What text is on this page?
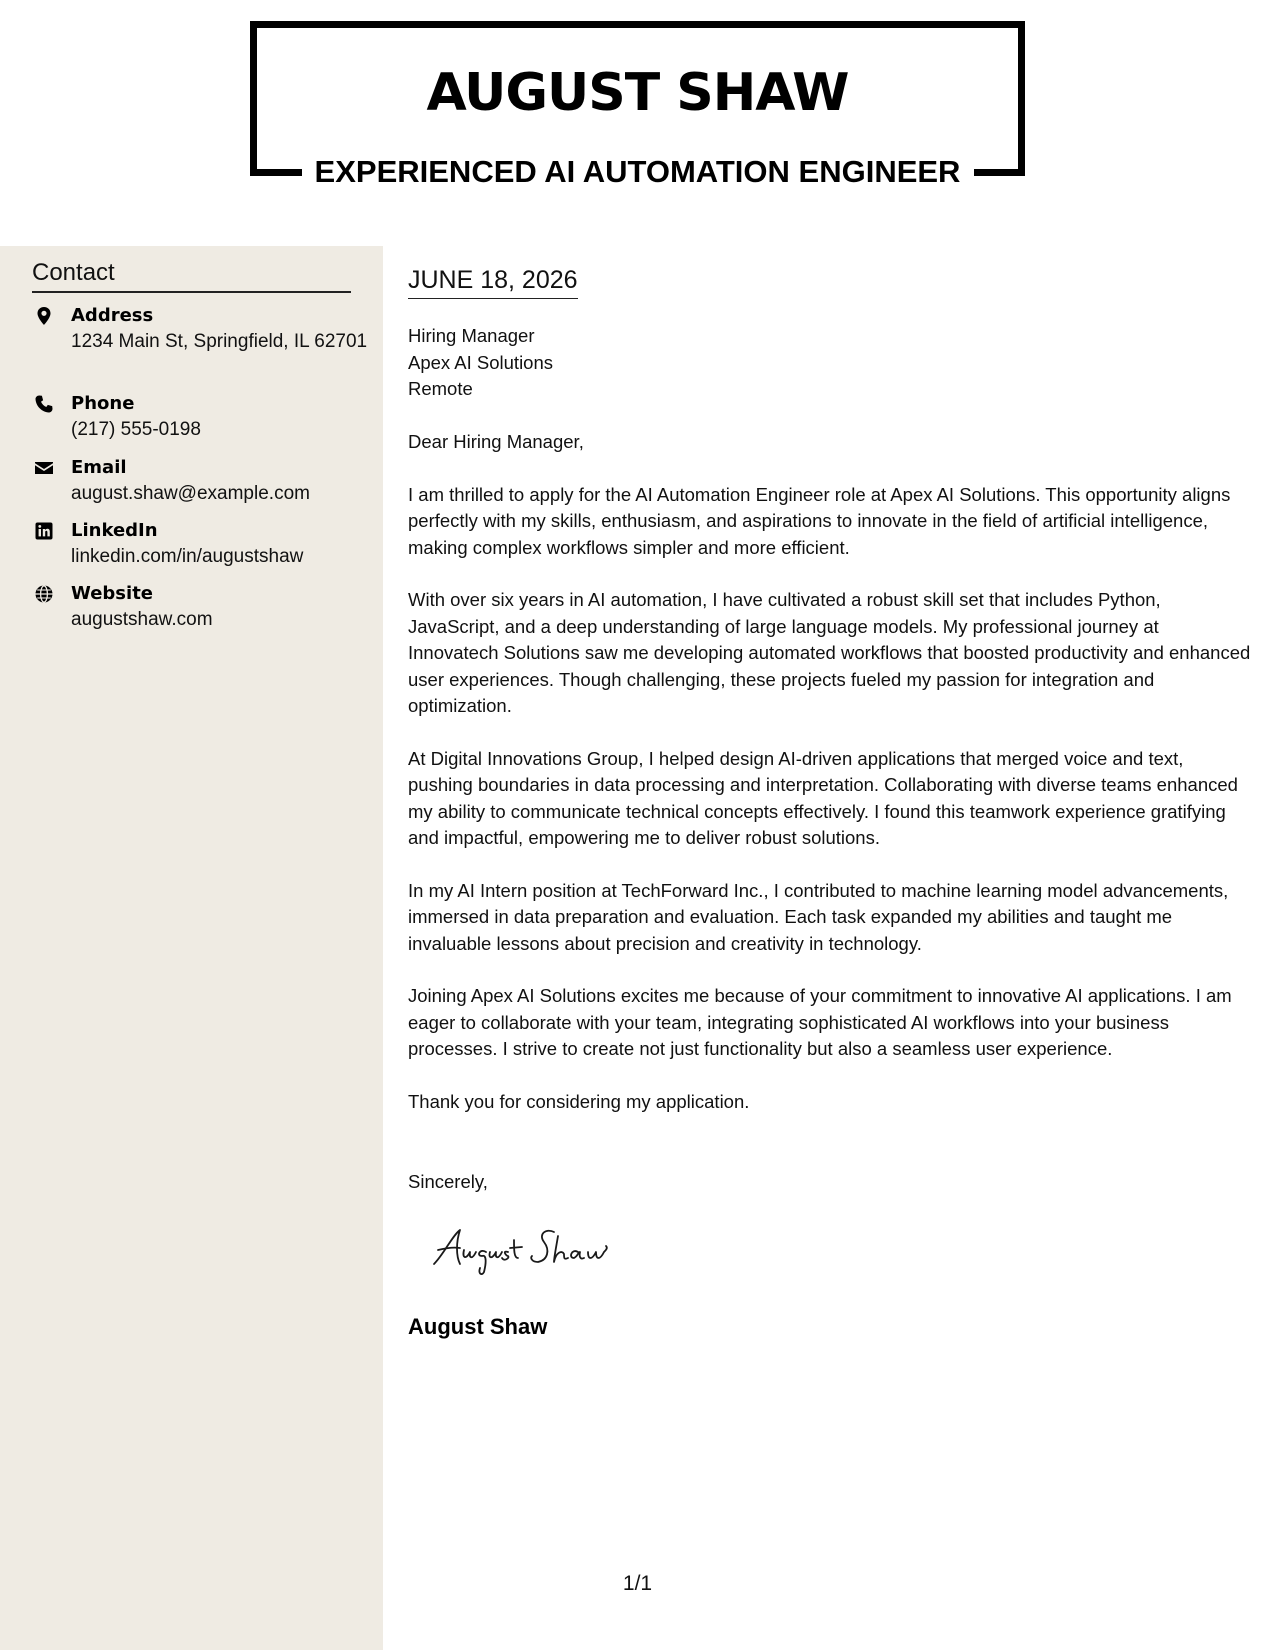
AUGUST SHAW
EXPERIENCED AI AUTOMATION ENGINEER
Contact
Address
1234 Main St, Springfield, IL 62701
Phone
(217) 555-0198
Email
august.shaw@example.com
LinkedIn
linkedin.com/in/augustshaw
Website
augustshaw.com
JUNE 18, 2026
Hiring Manager
Apex AI Solutions
Remote

Dear Hiring Manager,

I am thrilled to apply for the AI Automation Engineer role at Apex AI Solutions. This opportunity aligns perfectly with my skills, enthusiasm, and aspirations to innovate in the field of artificial intelligence, making complex workflows simpler and more efficient.

With over six years in AI automation, I have cultivated a robust skill set that includes Python, JavaScript, and a deep understanding of large language models. My professional journey at Innovatech Solutions saw me developing automated workflows that boosted productivity and enhanced user experiences. Though challenging, these projects fueled my passion for integration and optimization.

At Digital Innovations Group, I helped design AI-driven applications that merged voice and text, pushing boundaries in data processing and interpretation. Collaborating with diverse teams enhanced my ability to communicate technical concepts effectively. I found this teamwork experience gratifying and impactful, empowering me to deliver robust solutions.

In my AI Intern position at TechForward Inc., I contributed to machine learning model advancements, immersed in data preparation and evaluation. Each task expanded my abilities and taught me invaluable lessons about precision and creativity in technology.

Joining Apex AI Solutions excites me because of your commitment to innovative AI applications. I am eager to collaborate with your team, integrating sophisticated AI workflows into your business processes. I strive to create not just functionality but also a seamless user experience.

Thank you for considering my application.

Sincerely,
August Shaw
1/1
